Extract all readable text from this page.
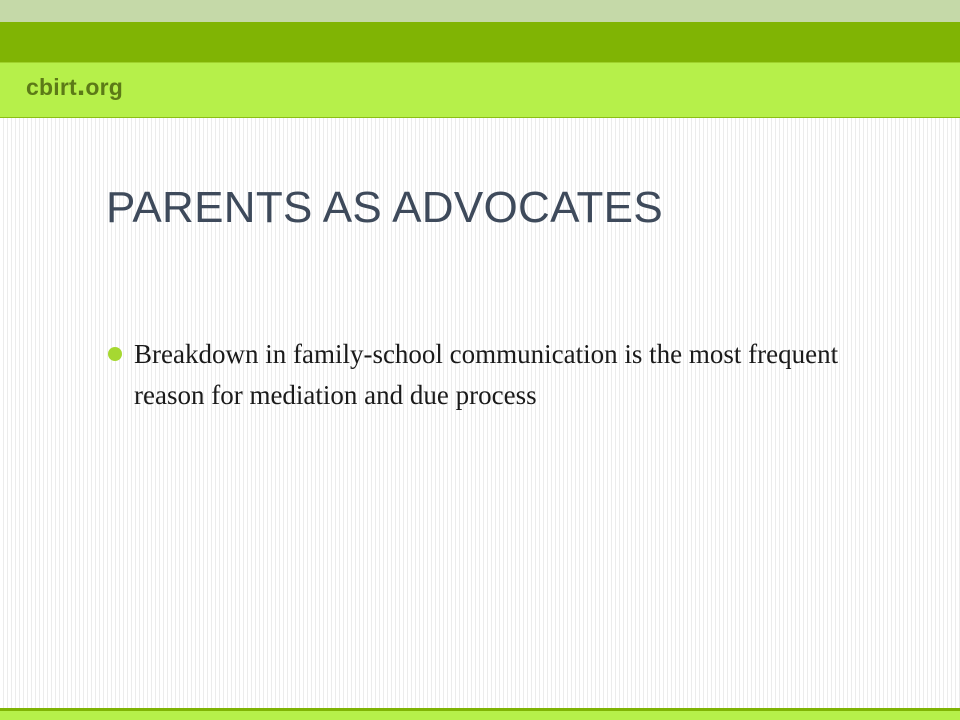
cbirt . org
PARENTS AS ADVOCATES
Breakdown in family-school communication is the most frequent reason for mediation and due process
